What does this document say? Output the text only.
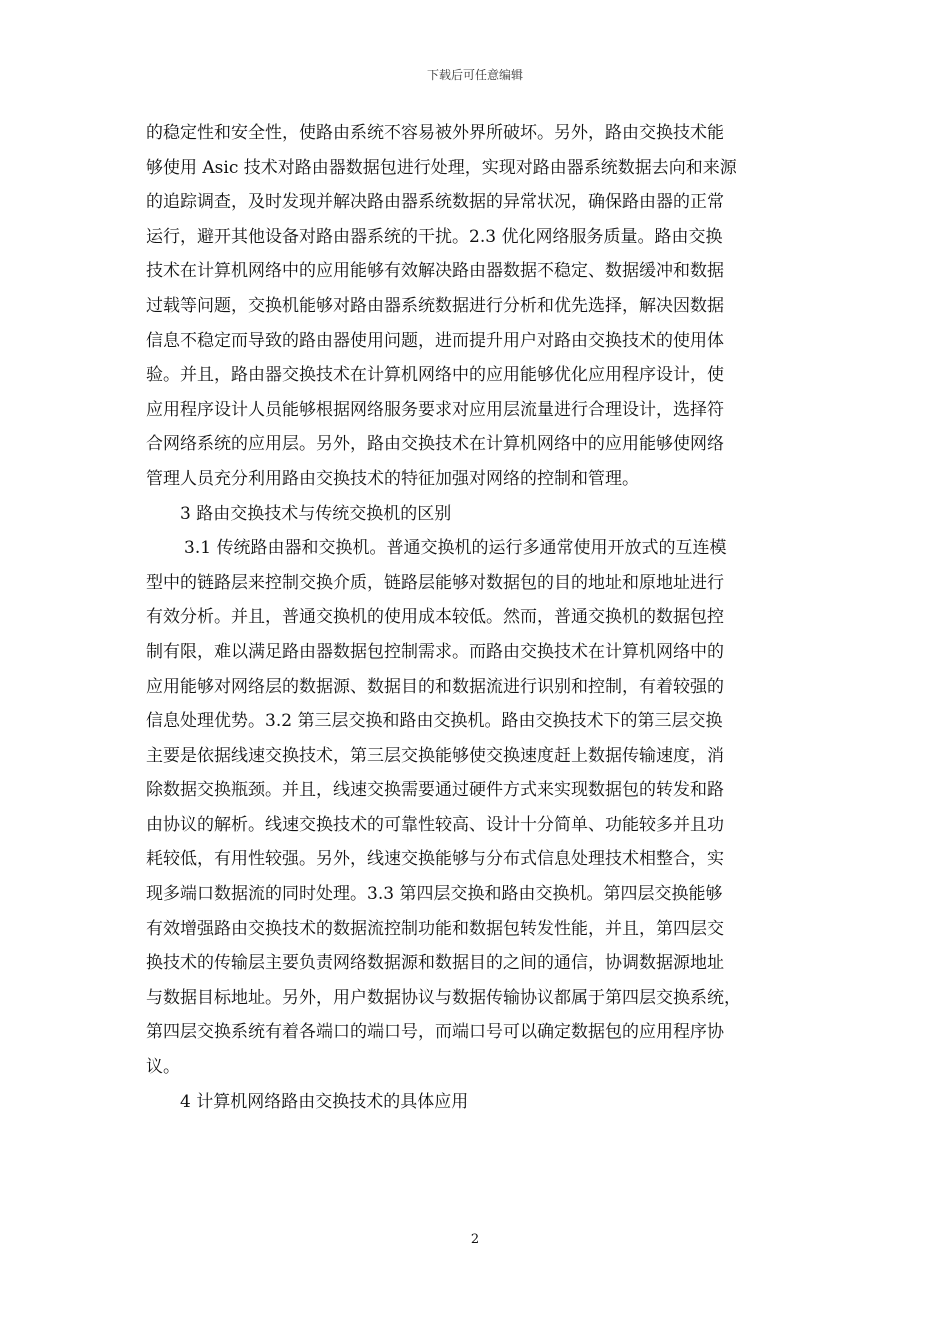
下载后可任意编辑

的稳定性和安全性，使路由系统不容易被外界所破坏。另外，路由交换技术能
够使用 Asic 技术对路由器数据包进行处理，实现对路由器系统数据去向和来源
的追踪调查，及时发现并解决路由器系统数据的异常状况，确保路由器的正常
运行，避开其他设备对路由器系统的干扰。2.3 优化网络服务质量。路由交换
技术在计算机网络中的应用能够有效解决路由器数据不稳定、数据缓冲和数据
过载等问题，交换机能够对路由器系统数据进行分析和优先选择，解决因数据
信息不稳定而导致的路由器使用问题，进而提升用户对路由交换技术的使用体
验。并且，路由器交换技术在计算机网络中的应用能够优化应用程序设计，使
应用程序设计人员能够根据网络服务要求对应用层流量进行合理设计，选择符
合网络系统的应用层。另外，路由交换技术在计算机网络中的应用能够使网络
管理人员充分利用路由交换技术的特征加强对网络的控制和管理。

3 路由交换技术与传统交换机的区别

3.1 传统路由器和交换机。普通交换机的运行多通常使用开放式的互连模
型中的链路层来控制交换介质，链路层能够对数据包的目的地址和原地址进行
有效分析。并且，普通交换机的使用成本较低。然而，普通交换机的数据包控
制有限，难以满足路由器数据包控制需求。而路由交换技术在计算机网络中的
应用能够对网络层的数据源、数据目的和数据流进行识别和控制，有着较强的
信息处理优势。3.2 第三层交换和路由交换机。路由交换技术下的第三层交换
主要是依据线速交换技术，第三层交换能够使交换速度赶上数据传输速度，消
除数据交换瓶颈。并且，线速交换需要通过硬件方式来实现数据包的转发和路
由协议的解析。线速交换技术的可靠性较高、设计十分简单、功能较多并且功
耗较低，有用性较强。另外，线速交换能够与分布式信息处理技术相整合，实
现多端口数据流的同时处理。3.3 第四层交换和路由交换机。第四层交换能够
有效增强路由交换技术的数据流控制功能和数据包转发性能，并且，第四层交
换技术的传输层主要负责网络数据源和数据目的之间的通信，协调数据源地址
与数据目标地址。另外，用户数据协议与数据传输协议都属于第四层交换系统，
第四层交换系统有着各端口的端口号，而端口号可以确定数据包的应用程序协
议。

4 计算机网络路由交换技术的具体应用

2
